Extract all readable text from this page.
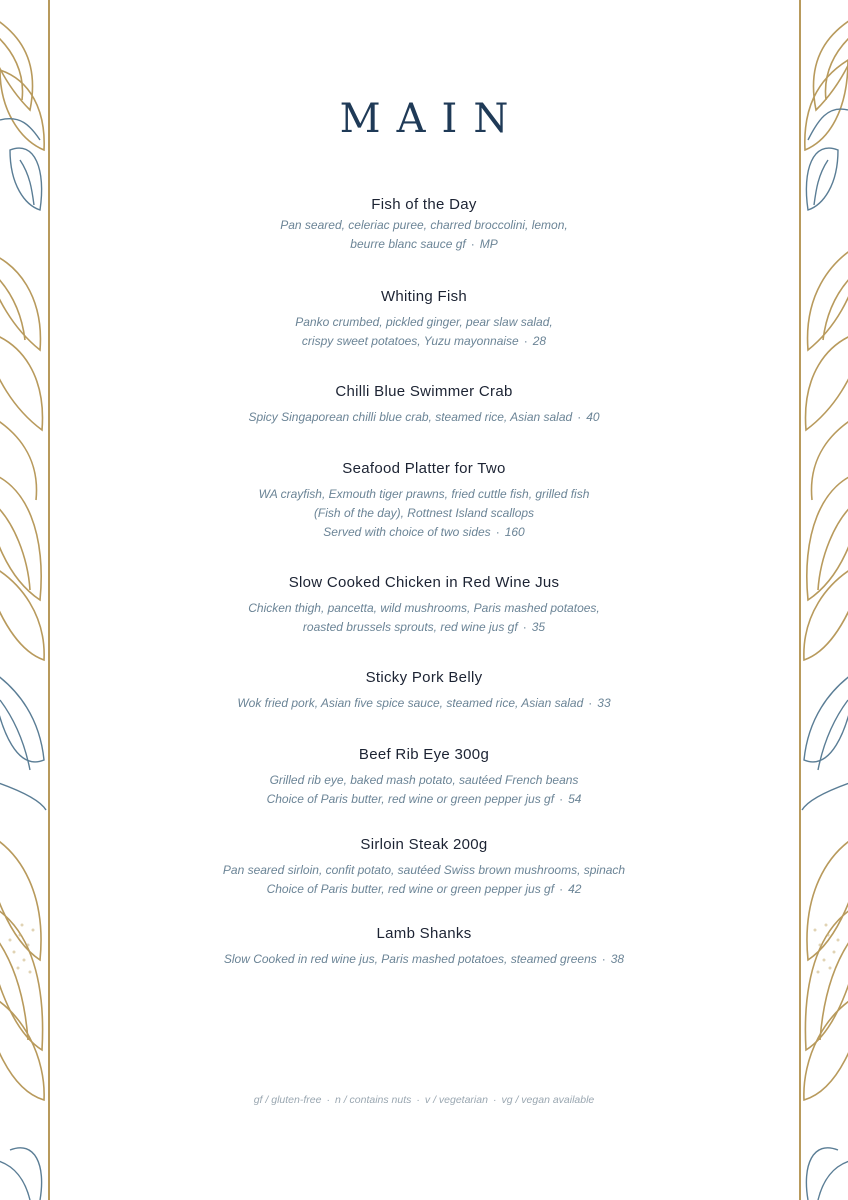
MAIN
Fish of the Day
Pan seared, celeriac puree, charred broccolini, lemon,
beurre blanc sauce gf · MP
Whiting Fish
Panko crumbed, pickled ginger, pear slaw salad,
crispy sweet potatoes, Yuzu mayonnaise · 28
Chilli Blue Swimmer Crab
Spicy Singaporean chilli blue crab, steamed rice, Asian salad · 40
Seafood Platter for Two
WA crayfish, Exmouth tiger prawns, fried cuttle fish, grilled fish
(Fish of the day), Rottnest Island scallops
Served with choice of two sides · 160
Slow Cooked Chicken in Red Wine Jus
Chicken thigh, pancetta, wild mushrooms, Paris mashed potatoes,
roasted brussels sprouts, red wine jus gf · 35
Sticky Pork Belly
Wok fried pork, Asian five spice sauce, steamed rice, Asian salad · 33
Beef Rib Eye 300g
Grilled rib eye, baked mash potato, sautéed French beans
Choice of Paris butter, red wine or green pepper jus gf · 54
Sirloin Steak 200g
Pan seared sirloin, confit potato, sautéed Swiss brown mushrooms, spinach
Choice of Paris butter, red wine or green pepper jus gf · 42
Lamb Shanks
Slow Cooked in red wine jus, Paris mashed potatoes, steamed greens · 38
gf / gluten-free · n / contains nuts · v / vegetarian · vg / vegan available
